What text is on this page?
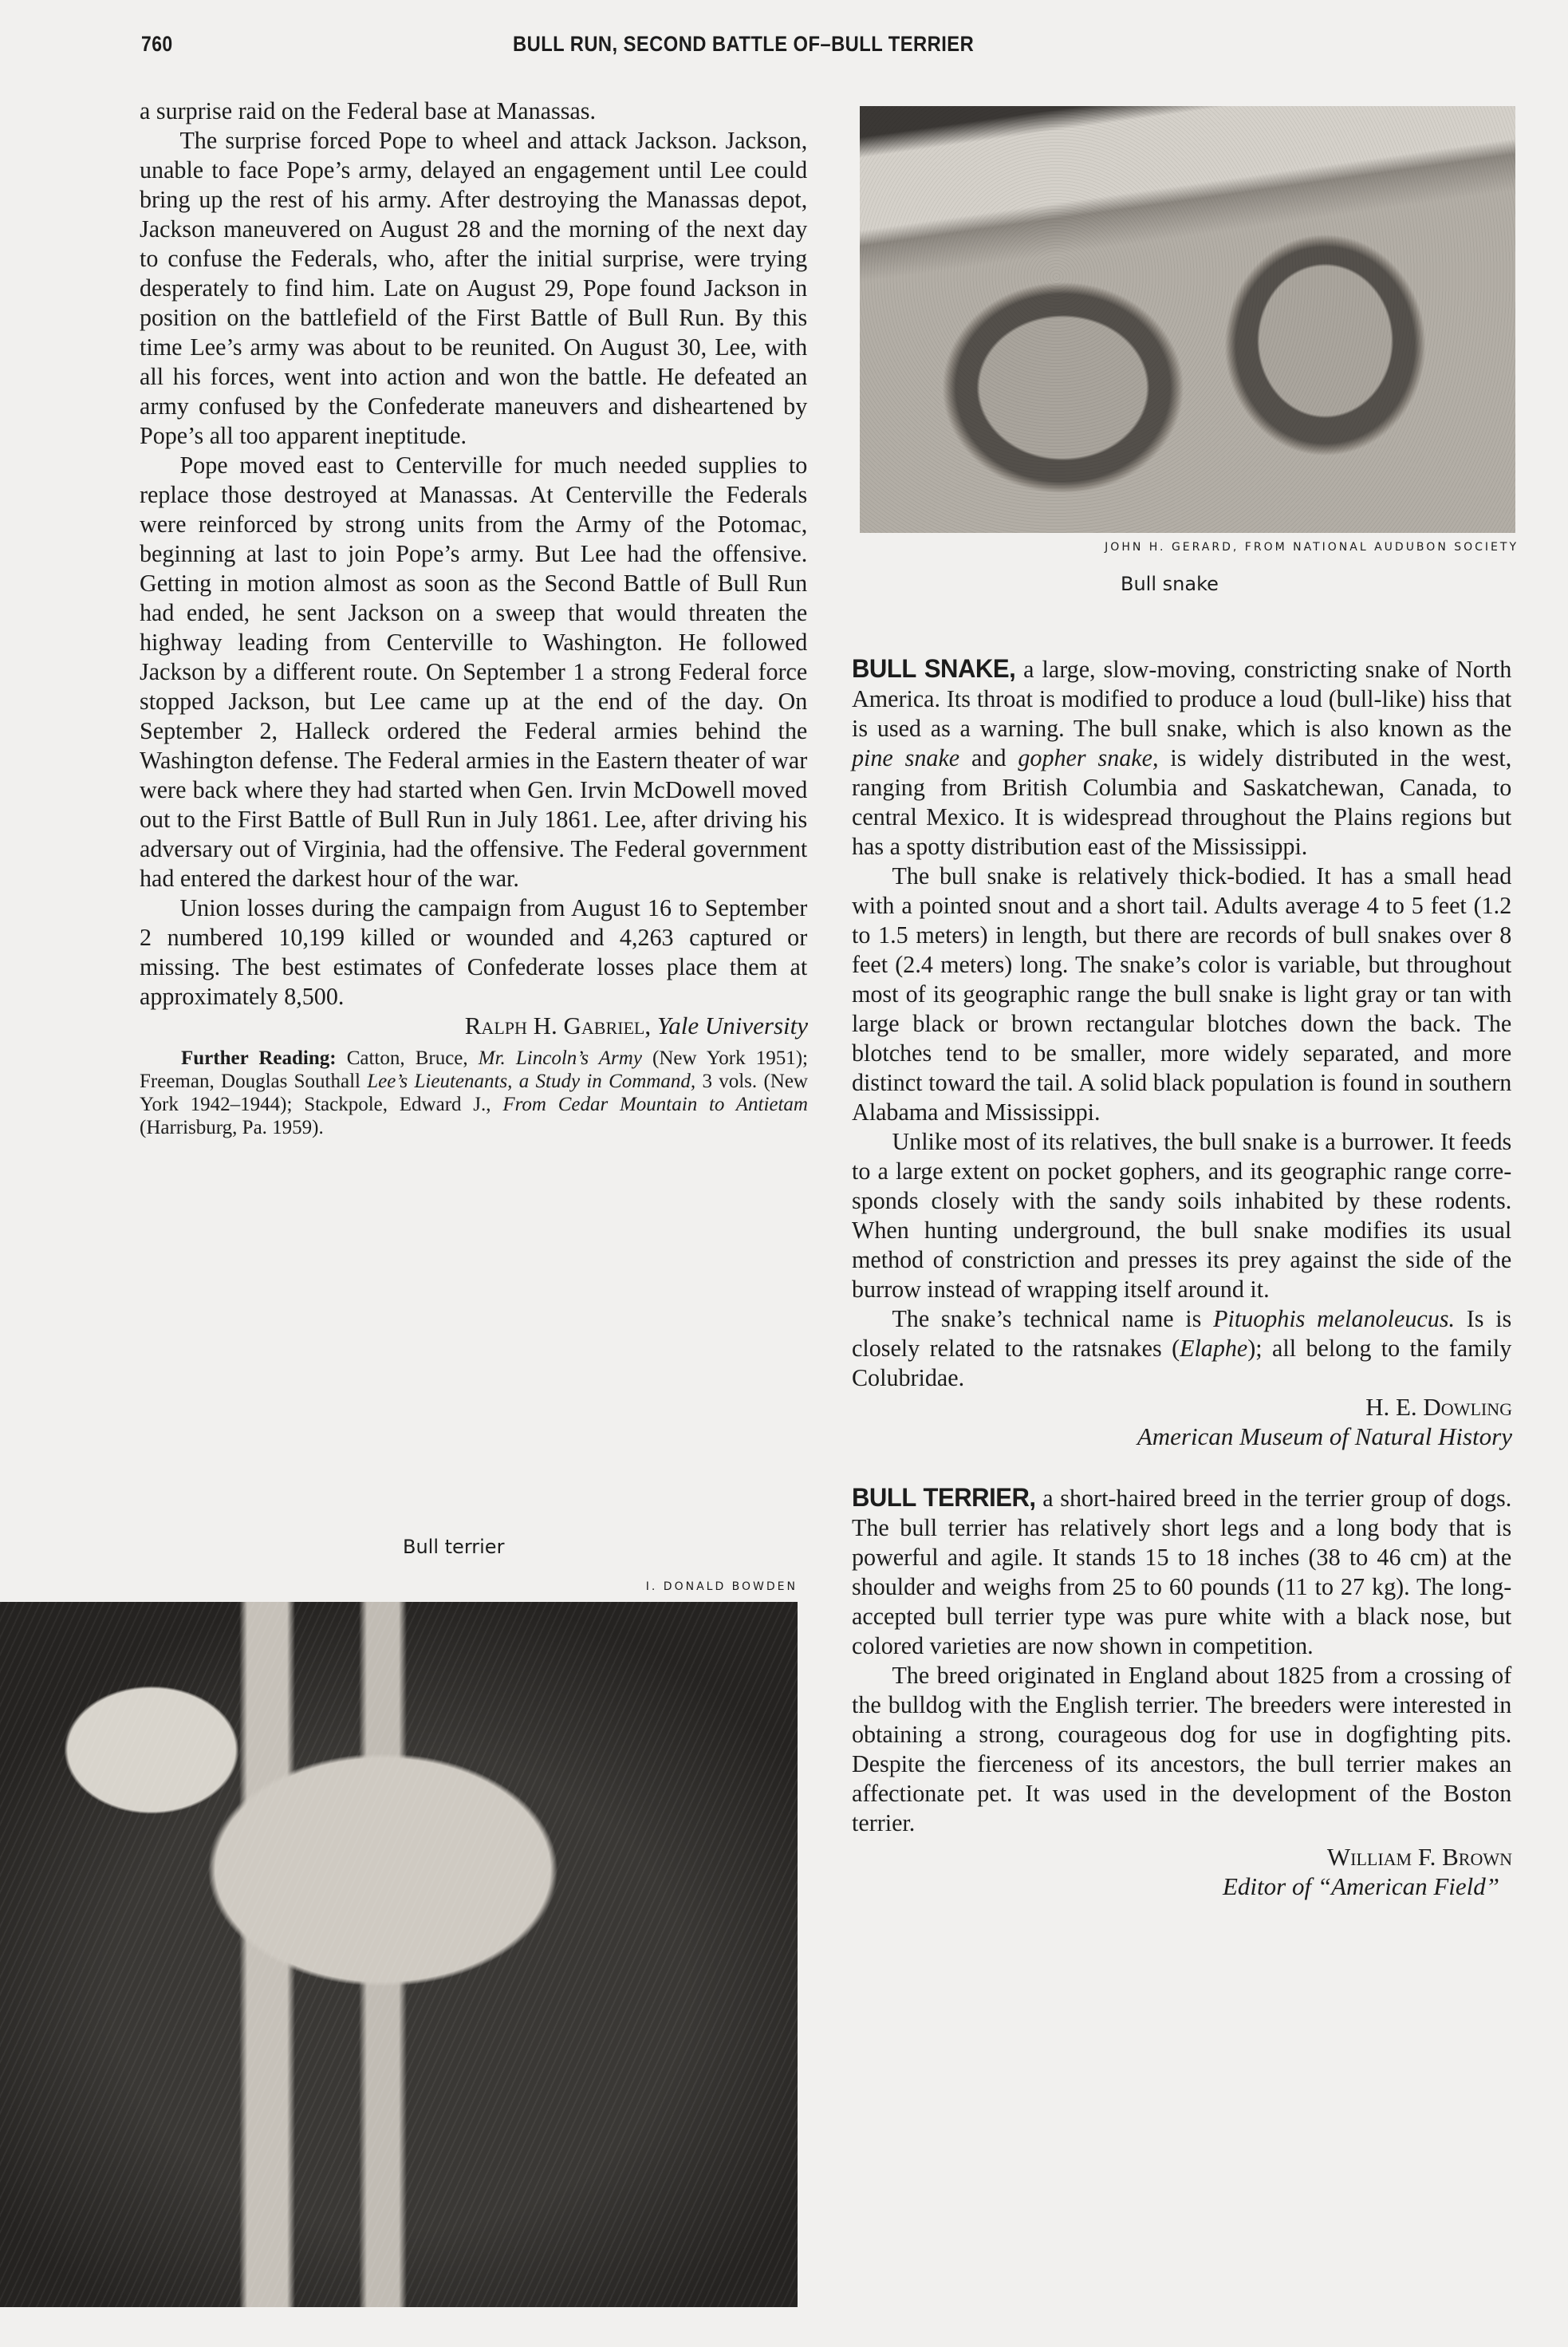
760	BULL RUN, SECOND BATTLE OF–BULL TERRIER

a surprise raid on the Federal base at Manassas.

The surprise forced Pope to wheel and attack Jackson. Jackson, unable to face Pope’s army, delayed an engagement until Lee could bring up the rest of his army. After destroying the Manassas depot, Jackson maneuvered on August 28 and the morning of the next day to confuse the Federals, who, after the initial surprise, were trying desperately to find him. Late on August 29, Pope found Jackson in position on the battlefield of the First Battle of Bull Run. By this time Lee’s army was about to be reunited. On August 30, Lee, with all his forces, went into action and won the battle. He defeated an army confused by the Confederate maneuvers and disheartened by Pope’s all too apparent ineptitude.

Pope moved east to Centerville for much needed supplies to replace those destroyed at Manassas. At Centerville the Federals were reinforced by strong units from the Army of the Potomac, beginning at last to join Pope’s army. But Lee had the offensive. Getting in motion almost as soon as the Second Battle of Bull Run had ended, he sent Jackson on a sweep that would threaten the highway leading from Centerville to Washington. He followed Jackson by a different route. On September 1 a strong Federal force stopped Jackson, but Lee came up at the end of the day. On September 2, Halleck ordered the Federal armies behind the Washington defense. The Federal armies in the Eastern theater of war were back where they had started when Gen. Irvin McDowell moved out to the First Battle of Bull Run in July 1861. Lee, after driving his adversary out of Virginia, had the offensive. The Federal government had entered the darkest hour of the war.

Union losses during the campaign from August 16 to September 2 numbered 10,199 killed or wounded and 4,263 captured or missing. The best estimates of Confederate losses place them at approximately 8,500.

Ralph H. Gabriel, Yale University
Further Reading: Catton, Bruce, Mr. Lincoln’s Army (New York 1951); Freeman, Douglas Southall Lee’s Lieutenants, a Study in Command, 3 vols. (New York 1942–1944); Stackpole, Edward J., From Cedar Mountain to Antietam (Harrisburg, Pa. 1959).
JOHN H. GERARD, FROM NATIONAL AUDUBON SOCIETY
Bull snake
Bull terrier
I. DONALD BOWDEN

BULL SNAKE, a large, slow-moving, constricting snake of North America. Its throat is modified to produce a loud (bull-like) hiss that is used as a warning. The bull snake, which is also known as the pine snake and gopher snake, is widely distributed in the west, ranging from British Columbia and Saskatchewan, Canada, to central Mexico. It is widespread throughout the Plains regions but has a spotty distribution east of the Mississippi.

The bull snake is relatively thick-bodied. It has a small head with a pointed snout and a short tail. Adults average 4 to 5 feet (1.2 to 1.5 meters) in length, but there are records of bull snakes over 8 feet (2.4 meters) long. The snake’s color is variable, but throughout most of its geographic range the bull snake is light gray or tan with large black or brown rectangular blotches down the back. The blotches tend to be smaller, more widely separated, and more distinct toward the tail. A solid black population is found in southern Alabama and Mississippi.

Unlike most of its relatives, the bull snake is a burrower. It feeds to a large extent on pocket gophers, and its geographic range corresponds closely with the sandy soils inhabited by these rodents. When hunting underground, the bull snake modifies its usual method of constriction and presses its prey against the side of the burrow instead of wrapping itself around it.

The snake’s technical name is Pituophis melanoleucus. Is is closely related to the ratsnakes (Elaphe); all belong to the family Colubridae.

H. E. Dowling
American Museum of Natural History

BULL TERRIER, a short-haired breed in the terrier group of dogs. The bull terrier has relatively short legs and a long body that is powerful and agile. It stands 15 to 18 inches (38 to 46 cm) at the shoulder and weighs from 25 to 60 pounds (11 to 27 kg). The long-accepted bull terrier type was pure white with a black nose, but colored varieties are now shown in competition.

The breed originated in England about 1825 from a crossing of the bulldog with the English terrier. The breeders were interested in obtaining a strong, courageous dog for use in dogfighting pits. Despite the fierceness of its ancestors, the bull terrier makes an affectionate pet. It was used in the development of the Boston terrier.

William F. Brown
Editor of “American Field”
